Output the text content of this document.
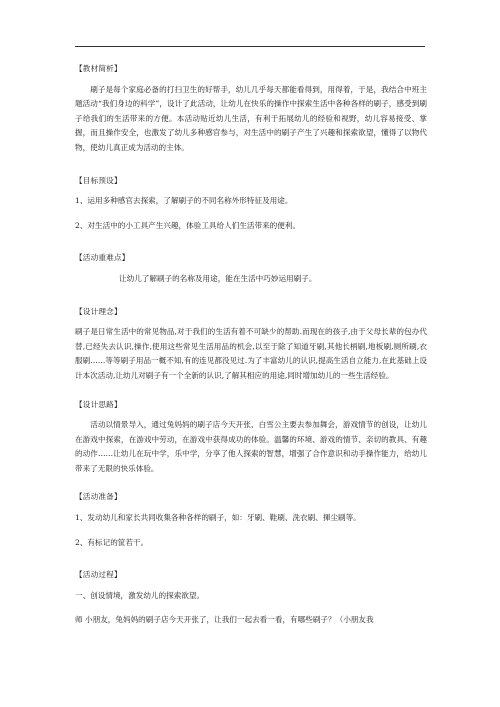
【教材简析】

刷子是每个家庭必备的打扫卫生的好帮手，幼儿几乎每天都能看得到，用得着，于是，我结合中班主题活动“我们身边的科学”，设计了此活动，让幼儿在快乐的操作中探索生活中各种各样的刷子，感受到刷子给我们的生活带来的方便。本活动贴近幼儿生活，有利于拓展幼儿的经验和视野，幼儿容易接受、掌握，而且操作安全，也激发了幼儿多种感官参与，对生活中的刷子产生了兴趣和探索欲望，懂得了以物代物，使幼儿真正成为活动的主体。

【目标预设】

1、运用多种感官去探索，了解刷子的不同名称外形特征及用途。

2、对生活中的小工具产生兴趣，体验工具给人们生活带来的便利。

【活动重难点】

让幼儿了解刷子的名称及用途，能在生活中巧妙运用刷子。

【设计理念】

刷子是日常生活中的常见物品,对于我们的生活有着不可缺少的帮助.而现在的孩子,由于父母长辈的包办代替,已经失去认识,操作,使用这些常见生活用品的机会,以至于除了知道牙刷,其他长柄刷,地板刷,厕所刷,衣服刷……等等刷子用品一概不知,有的连见都没见过.为了丰富幼儿的认识,提高生活自立能力,在此基础上设计本次活动,让幼儿对刷子有一个全新的认识,了解其相应的用途,同时增加幼儿的一些生活经验。

【设计思路】

活动以情景导入，通过兔妈妈的刷子店今天开张、白雪公主要去参加舞会，游戏情节的创设，让幼儿在游戏中探索，在游戏中劳动，在游戏中获得成功的体验。温馨的环境、游戏的情节、亲切的教具、有趣的动作……让幼儿在玩中学，乐中学，分享了他人探索的智慧，增强了合作意识和动手操作能力，给幼儿带来了无限的快乐体验。

【活动准备】

1、发动幼儿和家长共同收集各种各样的刷子，如：牙刷、鞋刷、洗衣刷、揮尘刷等。

2、有标记的筐若干。

【活动过程】

一、创设情境，激发幼儿的探索欲望。

师 小朋友，兔妈妈的刷子店今天开张了，让我们一起去看一看，有哪些刷子？（小朋友我
